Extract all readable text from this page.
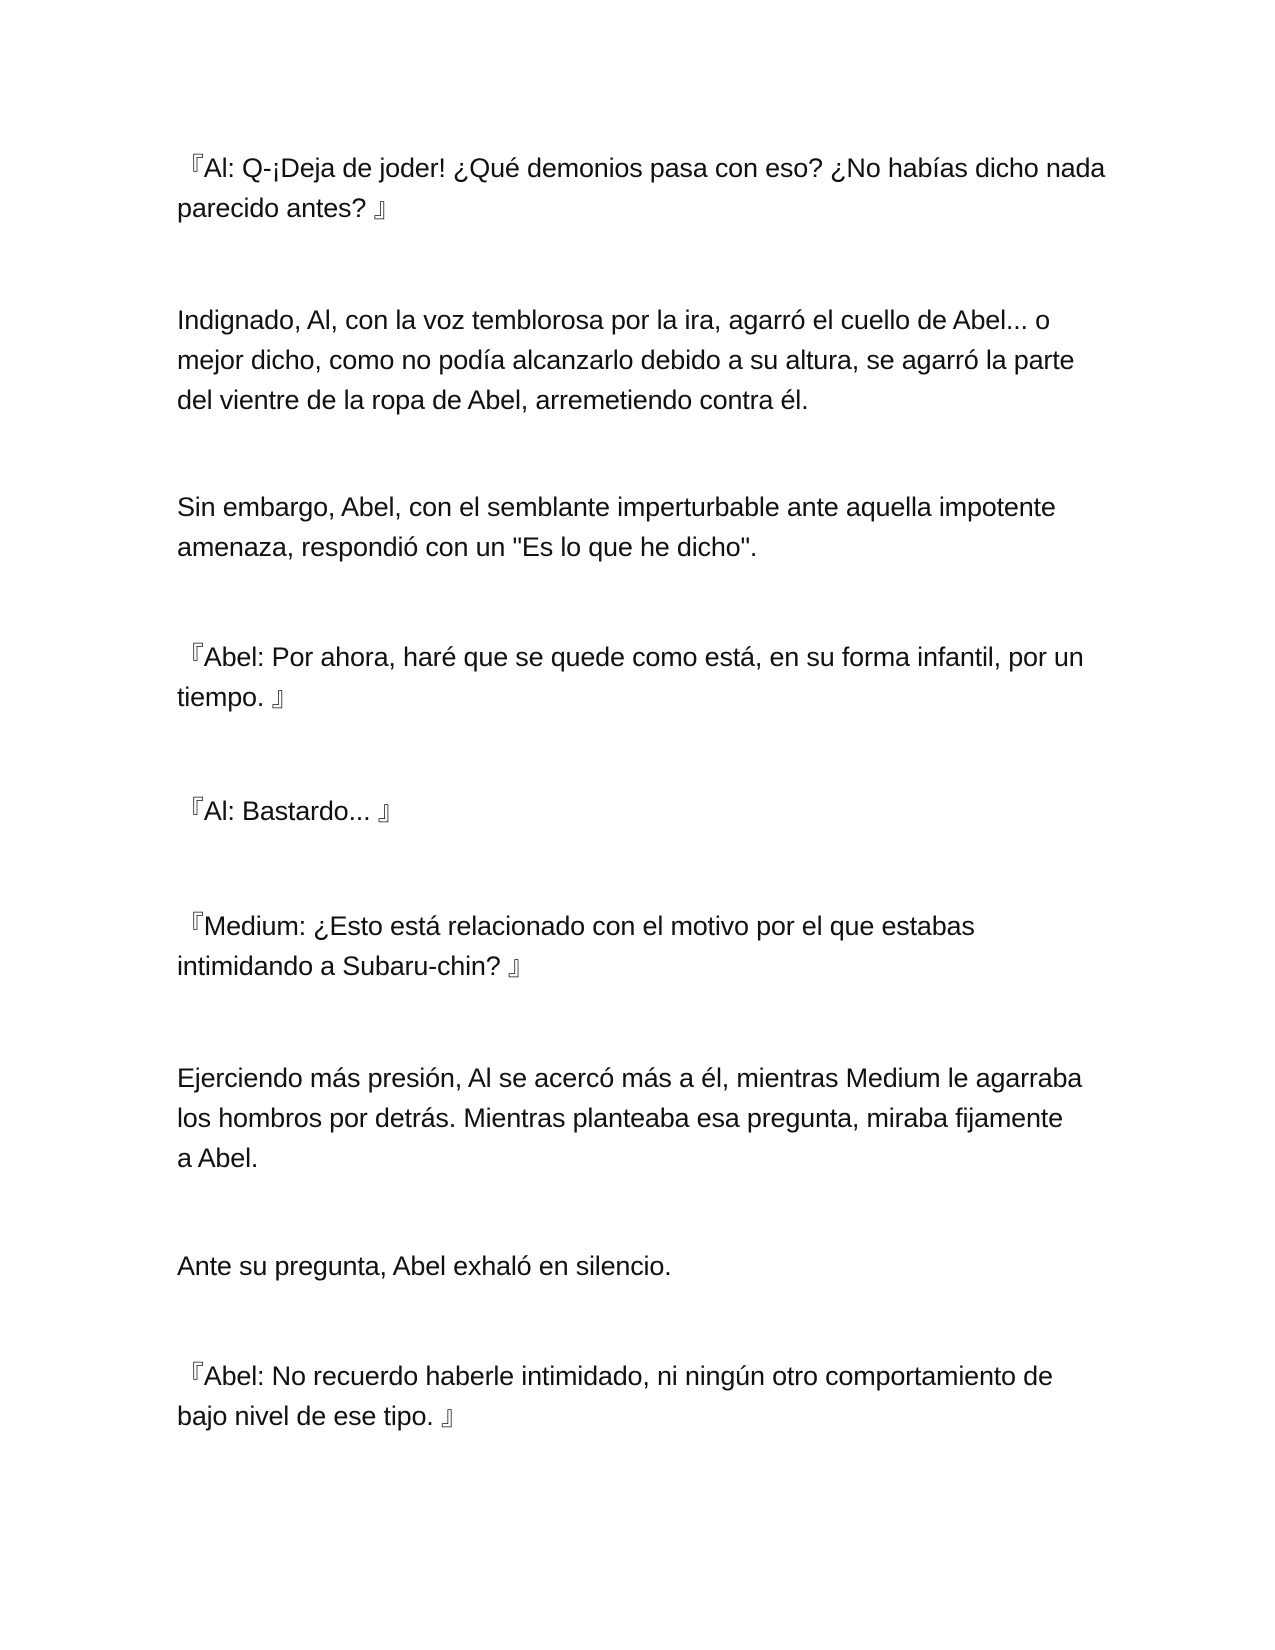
『Al: Q-¡Deja de joder! ¿Qué demonios pasa con eso? ¿No habías dicho nada
parecido antes? 』

Indignado, Al, con la voz temblorosa por la ira, agarró el cuello de Abel... o
mejor dicho, como no podía alcanzarlo debido a su altura, se agarró la parte
del vientre de la ropa de Abel, arremetiendo contra él.

Sin embargo, Abel, con el semblante imperturbable ante aquella impotente
amenaza, respondió con un "Es lo que he dicho".

『Abel: Por ahora, haré que se quede como está, en su forma infantil, por un
tiempo. 』

『Al: Bastardo... 』

『Medium: ¿Esto está relacionado con el motivo por el que estabas
intimidando a Subaru-chin? 』

Ejerciendo más presión, Al se acercó más a él, mientras Medium le agarraba
los hombros por detrás. Mientras planteaba esa pregunta, miraba fijamente
a Abel.

Ante su pregunta, Abel exhaló en silencio.

『Abel: No recuerdo haberle intimidado, ni ningún otro comportamiento de
bajo nivel de ese tipo. 』
